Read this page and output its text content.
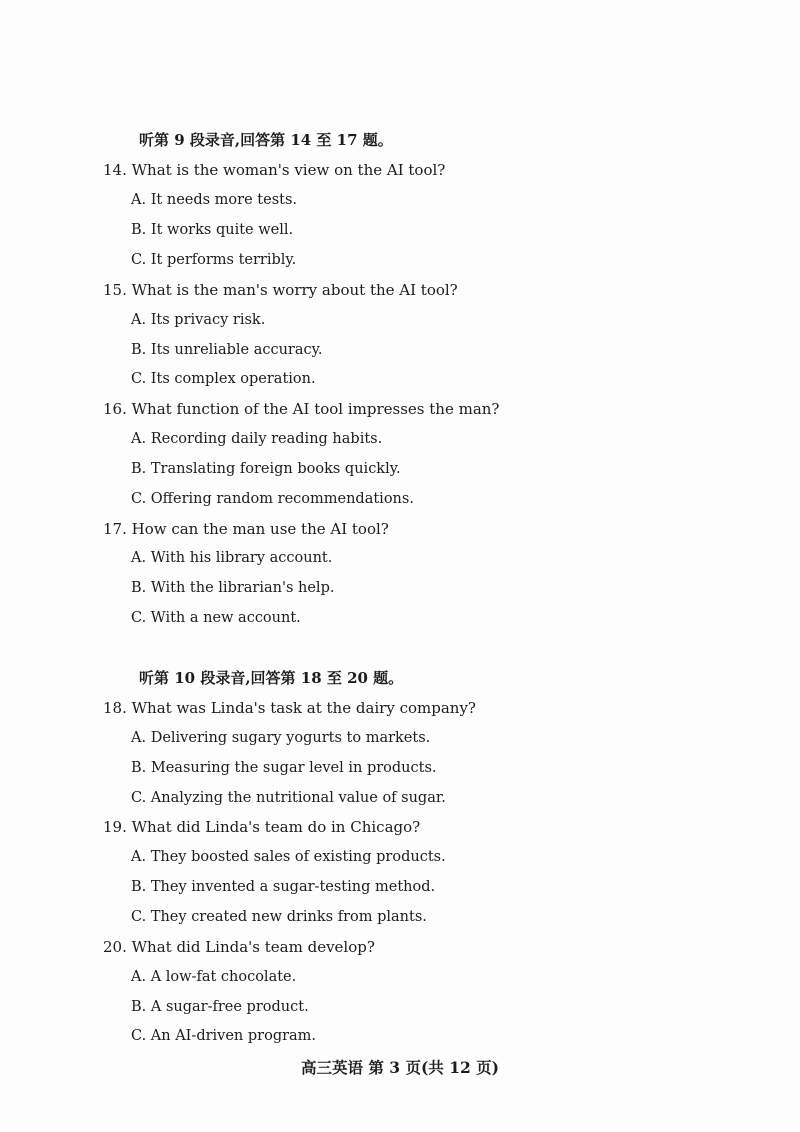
听第 9 段录音,回答第 14 至 17 题。
14. What is the woman's view on the AI tool?
A. It needs more tests.
B. It works quite well.
C. It performs terribly.
15. What is the man's worry about the AI tool?
A. Its privacy risk.
B. Its unreliable accuracy.
C. Its complex operation.
16. What function of the AI tool impresses the man?
A. Recording daily reading habits.
B. Translating foreign books quickly.
C. Offering random recommendations.
17. How can the man use the AI tool?
A. With his library account.
B. With the librarian's help.
C. With a new account.
听第 10 段录音,回答第 18 至 20 题。
18. What was Linda's task at the dairy company?
A. Delivering sugary yogurts to markets.
B. Measuring the sugar level in products.
C. Analyzing the nutritional value of sugar.
19. What did Linda's team do in Chicago?
A. They boosted sales of existing products.
B. They invented a sugar-testing method.
C. They created new drinks from plants.
20. What did Linda's team develop?
A. A low-fat chocolate.
B. A sugar-free product.
C. An AI-driven program.
高三英语 第 3 页(共 12 页)
